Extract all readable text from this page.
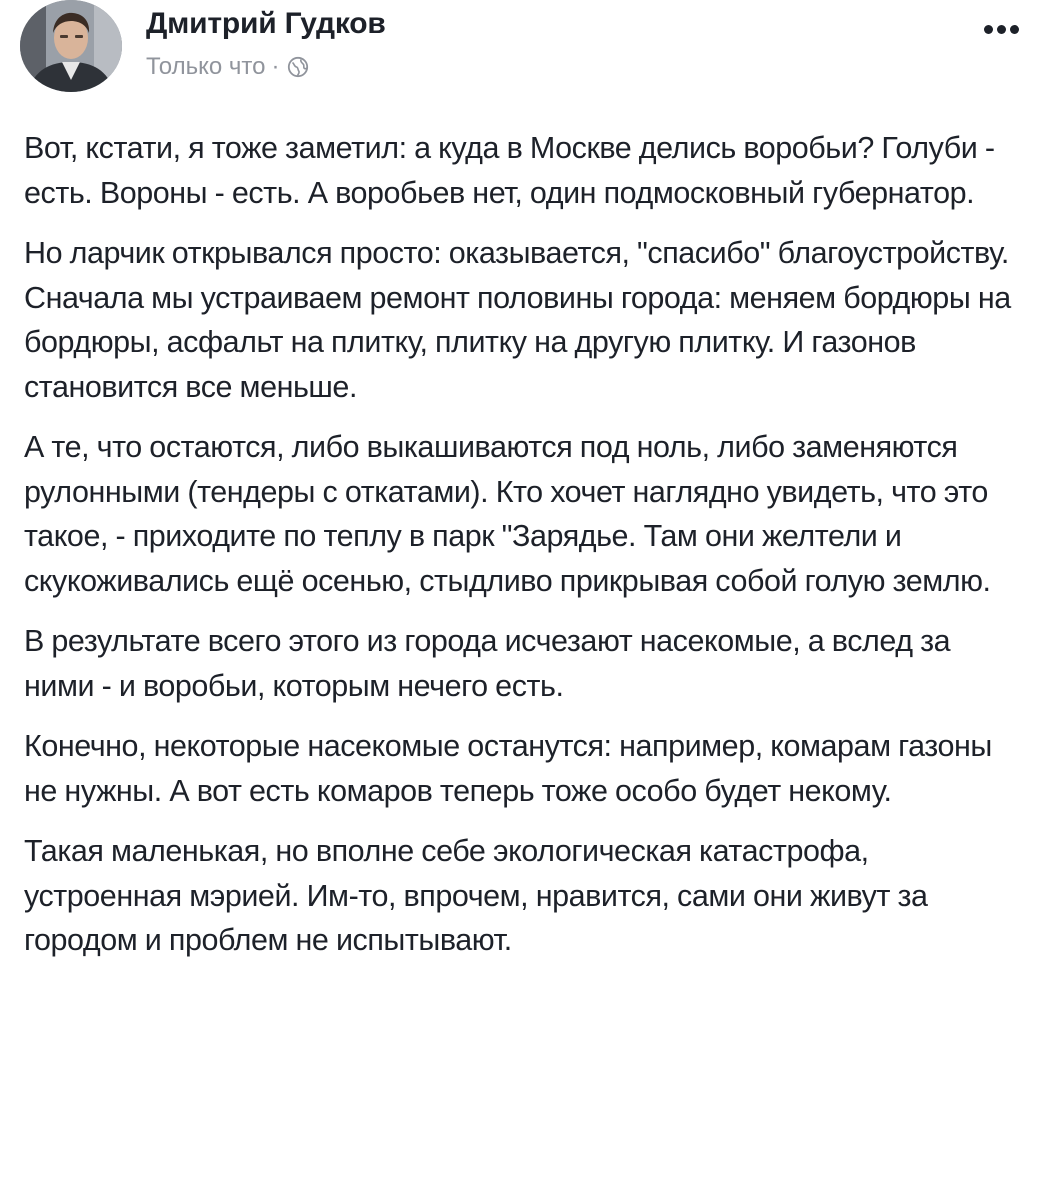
Дмитрий Гудков
Только что ·

Вот, кстати, я тоже заметил: а куда в Москве делись воробьи? Голуби - есть. Вороны - есть. А воробьев нет, один подмосковный губернатор.

Но ларчик открывался просто: оказывается, "спасибо" благоустройству. Сначала мы устраиваем ремонт половины города: меняем бордюры на бордюры, асфальт на плитку, плитку на другую плитку. И газонов становится все меньше.

А те, что остаются, либо выкашиваются под ноль, либо заменяются рулонными (тендеры с откатами). Кто хочет наглядно увидеть, что это такое, - приходите по теплу в парк "Зарядье. Там они желтели и скукоживались ещё осенью, стыдливо прикрывая собой голую землю.

В результате всего этого из города исчезают насекомые, а вслед за ними - и воробьи, которым нечего есть.

Конечно, некоторые насекомые останутся: например, комарам газоны не нужны. А вот есть комаров теперь тоже особо будет некому.

Такая маленькая, но вполне себе экологическая катастрофа, устроенная мэрией. Им-то, впрочем, нравится, сами они живут за городом и проблем не испытывают.
